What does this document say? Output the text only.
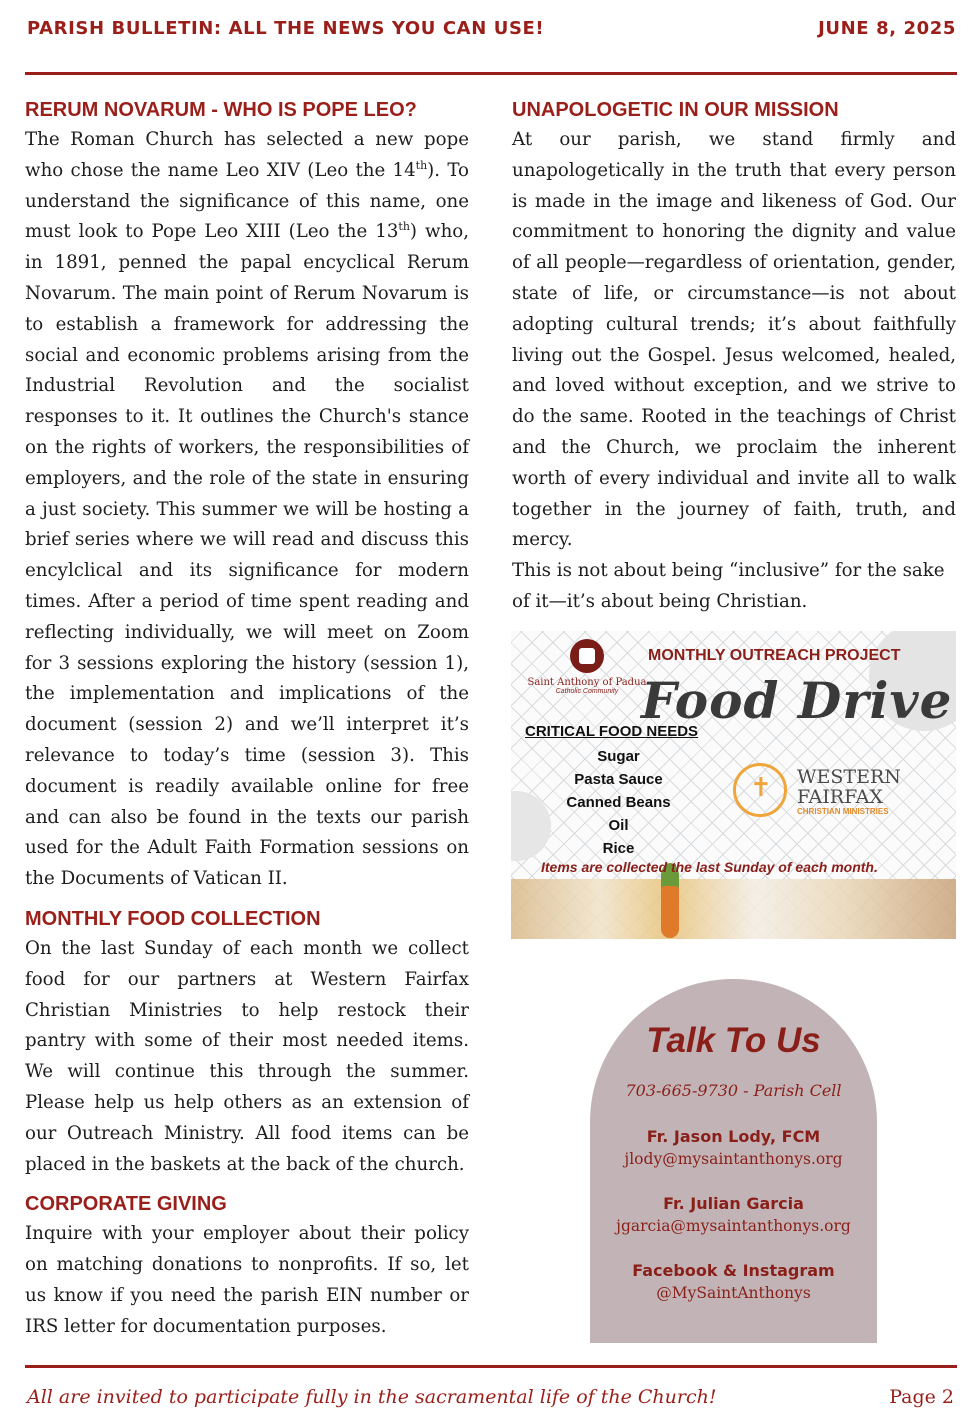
PARISH BULLETIN: ALL THE NEWS YOU CAN USE!	JUNE 8, 2025
RERUM NOVARUM - WHO IS POPE LEO?

The Roman Church has selected a new pope who chose the name Leo XIV (Leo the 14th). To understand the significance of this name, one must look to Pope Leo XIII (Leo the 13th) who, in 1891, penned the papal encyclical Rerum Novarum. The main point of Rerum Novarum is to establish a framework for addressing the social and economic problems arising from the Industrial Revolution and the socialist responses to it. It outlines the Church's stance on the rights of workers, the responsibilities of employers, and the role of the state in ensuring a just society. This summer we will be hosting a brief series where we will read and discuss this encylclical and its significance for modern times. After a period of time spent reading and reflecting individually, we will meet on Zoom for 3 sessions exploring the history (session 1), the implementation and implications of the document (session 2) and we’ll interpret it’s relevance to today’s time (session 3). This document is readily available online for free and can also be found in the texts our parish used for the Adult Faith Formation sessions on the Documents of Vatican II.

MONTHLY FOOD COLLECTION

On the last Sunday of each month we collect food for our partners at Western Fairfax Christian Ministries to help restock their pantry with some of their most needed items. We will continue this through the summer. Please help us help others as an extension of our Outreach Ministry. All food items can be placed in the baskets at the back of the church.

CORPORATE GIVING

Inquire with your employer about their policy on matching donations to nonprofits. If so, let us know if you need the parish EIN number or IRS letter for documentation purposes.

UNAPOLOGETIC IN OUR MISSION

At our parish, we stand firmly and unapologetically in the truth that every person is made in the image and likeness of God. Our commitment to honoring the dignity and value of all people—regardless of orientation, gender, state of life, or circumstance—is not about adopting cultural trends; it’s about faithfully living out the Gospel. Jesus welcomed, healed, and loved without exception, and we strive to do the same. Rooted in the teachings of Christ and the Church, we proclaim the inherent worth of every individual and invite all to walk together in the journey of faith, truth, and mercy.

This is not about being “inclusive” for the sake of it—it’s about being Christian.

Saint Anthony of Padua
Catholic Community
MONTHLY OUTREACH PROJECT
Food Drive
CRITICAL FOOD NEEDS
Sugar
Pasta Sauce
Canned Beans
Oil
Rice
✝
WESTERN
FAIRFAX
CHRISTIAN MINISTRIES
Items are collected the last Sunday of each month.
Talk To Us
703-665-9730 - Parish Cell
Fr. Jason Lody, FCM
jlody@mysaintanthonys.org
Fr. Julian Garcia
jgarcia@mysaintanthonys.org
Facebook & Instagram
@MySaintAnthonys
All are invited to participate fully in the sacramental life of the Church!	Page 2
